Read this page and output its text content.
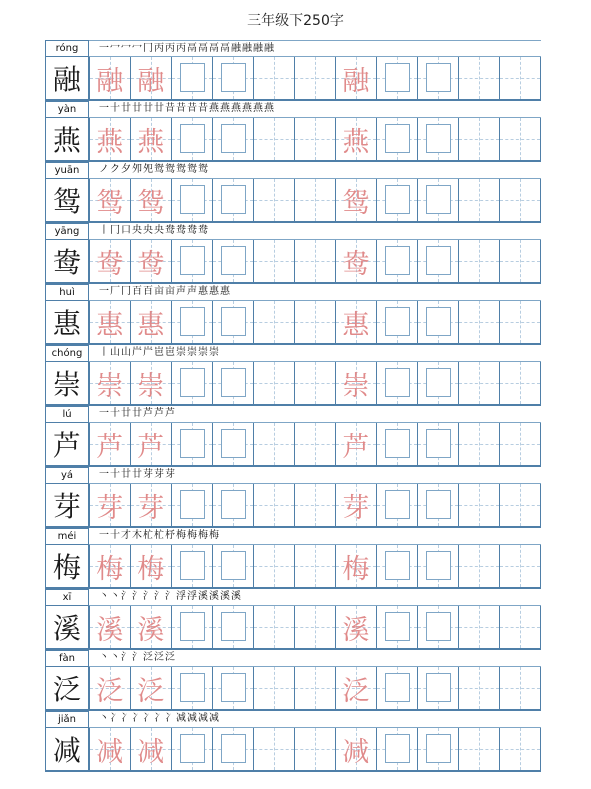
三年级下250字
róng	一冖冖冖冂丙丙丙鬲鬲鬲鬲融融融融
融 融 融	融
yàn	一十廿廿廿廿昔昔昔昔燕燕燕燕燕燕
燕 燕 燕	燕
yuān	ノク夕夘夗鸳鸳鸳鸳鸳
鸳 鸳 鸳	鸳
yāng	丨冂口央央央鸯鸯鸯鸯
鸯 鸯 鸯	鸯
huì	一厂冂百百亩亩声声惠惠惠
惠 惠 惠	惠
chóng	丨山山屵屵岜岜崇崇崇崇
崇 崇 崇	崇
lú	一十廿廿芦芦芦
芦 芦 芦	芦
yá	一十廿廿芽芽芽
芽 芽 芽	芽
méi	一十才木杧杧杼梅梅梅梅
梅 梅 梅	梅
xī	丶丶氵氵氵氵氵浮浮溪溪溪溪
溪 溪 溪	溪
fàn	丶丶氵氵泛泛泛
泛 泛 泛	泛
jiǎn	丶冫冫冫冫冫冫减减减减
减 减 减	减
